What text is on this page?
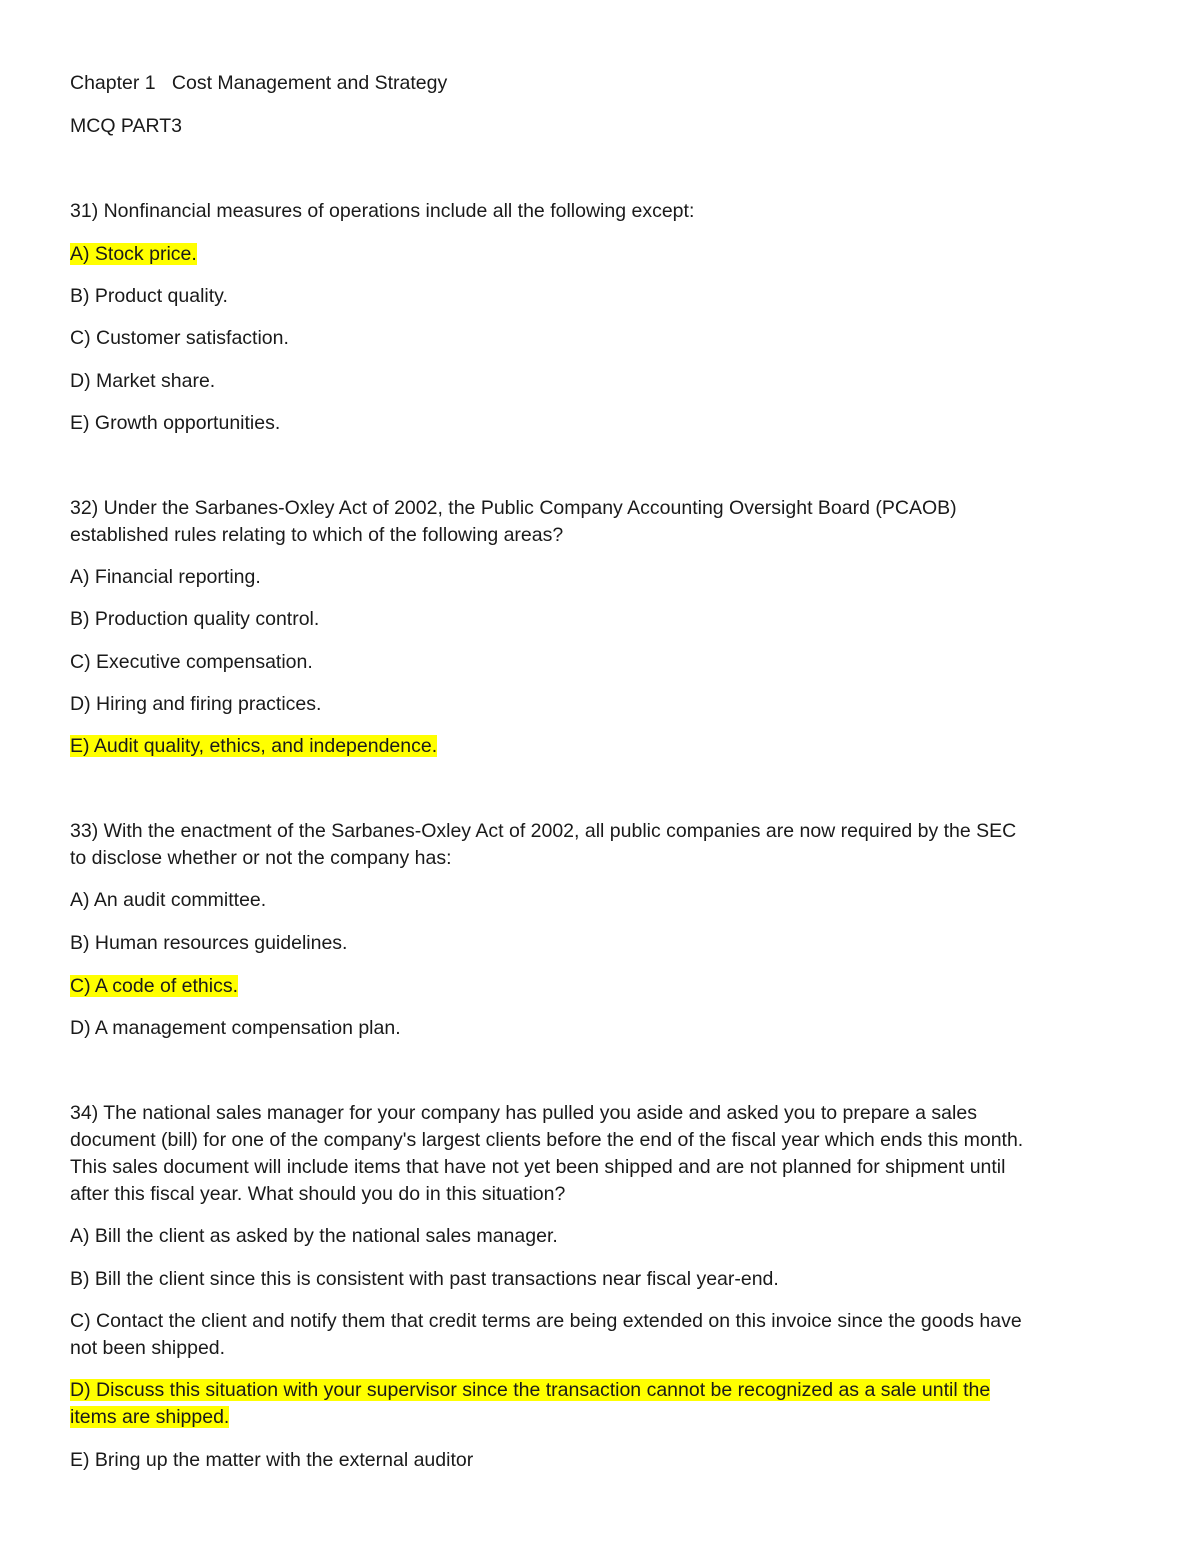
Chapter 1   Cost Management and Strategy
MCQ PART3
31) Nonfinancial measures of operations include all the following except:
A) Stock price.
B) Product quality.
C) Customer satisfaction.
D) Market share.
E) Growth opportunities.
32) Under the Sarbanes-Oxley Act of 2002, the Public Company Accounting Oversight Board (PCAOB)
established rules relating to which of the following areas?
A) Financial reporting.
B) Production quality control.
C) Executive compensation.
D) Hiring and firing practices.
E) Audit quality, ethics, and independence.
33) With the enactment of the Sarbanes-Oxley Act of 2002, all public companies are now required by the SEC
to disclose whether or not the company has:
A) An audit committee.
B) Human resources guidelines.
C) A code of ethics.
D) A management compensation plan.
34) The national sales manager for your company has pulled you aside and asked you to prepare a sales
document (bill) for one of the company's largest clients before the end of the fiscal year which ends this month.
This sales document will include items that have not yet been shipped and are not planned for shipment until
after this fiscal year. What should you do in this situation?
A) Bill the client as asked by the national sales manager.
B) Bill the client since this is consistent with past transactions near fiscal year-end.
C) Contact the client and notify them that credit terms are being extended on this invoice since the goods have
not been shipped.
D) Discuss this situation with your supervisor since the transaction cannot be recognized as a sale until the
items are shipped.
E) Bring up the matter with the external auditor
